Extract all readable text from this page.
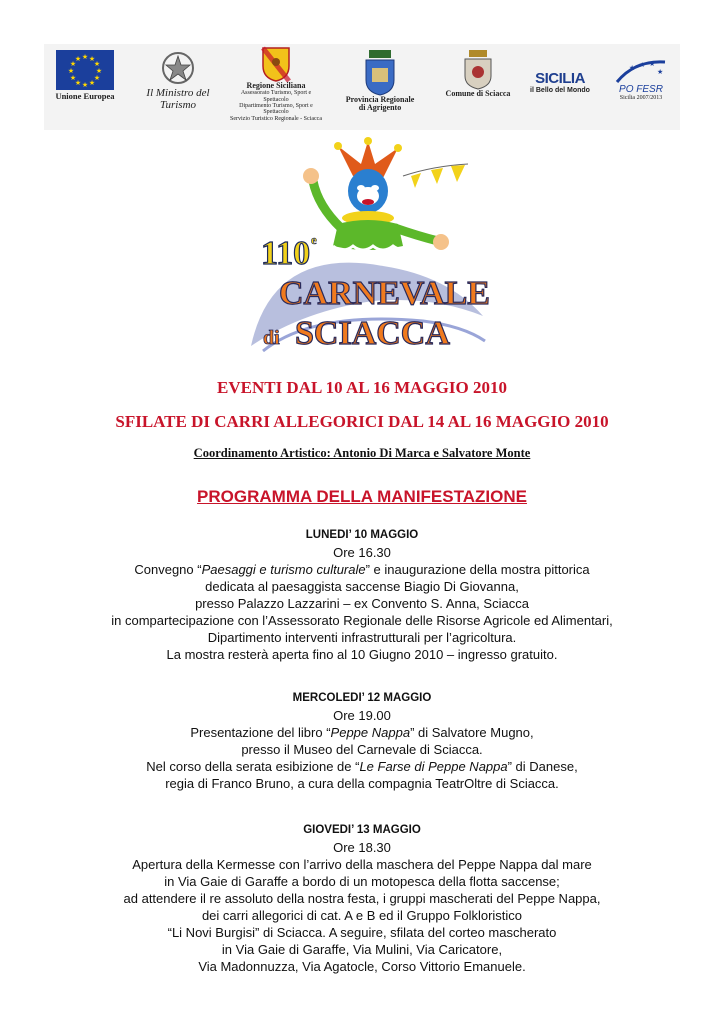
★ ★
★
★
★
★
★
★
★
★
★
★
Unione Europea	Il Ministro del Turismo
Regione Siciliana
Assessorato Turismo, Sport e Spettacolo
Dipartimento Turismo, Sport e Spettacolo
Servizio Turistico Regionale - Sciacca
Provincia Regionale
di Agrigento
Comune di Sciacca
SICILIA
il Bello del Mondo
★ ★ ★
★
PO FESR
Sicilia 2007/2013
110 e
CARNEVALE
di SCIACCA
EVENTI DAL 10 AL 16 MAGGIO 2010
SFILATE DI CARRI ALLEGORICI DAL 14 AL 16 MAGGIO 2010
Coordinamento Artistico: Antonio Di Marca e Salvatore Monte
PROGRAMMA DELLA MANIFESTAZIONE
LUNEDI’ 10 MAGGIO
Ore 16.30
Convegno “Paesaggi e turismo culturale” e inaugurazione della mostra pittorica
dedicata al paesaggista saccense Biagio Di Giovanna,
presso Palazzo Lazzarini – ex Convento S. Anna, Sciacca
in compartecipazione con l’Assessorato Regionale delle Risorse Agricole ed Alimentari,
Dipartimento interventi infrastrutturali per l’agricoltura.
La mostra resterà aperta fino al 10 Giugno 2010 – ingresso gratuito.
MERCOLEDI’ 12 MAGGIO
Ore 19.00
Presentazione del libro “Peppe Nappa” di Salvatore Mugno,
presso il Museo del Carnevale di Sciacca.
Nel corso della serata esibizione de “Le Farse di Peppe Nappa” di Danese,
regia di Franco Bruno, a cura della compagnia TeatrOltre di Sciacca.
GIOVEDI’ 13 MAGGIO
Ore 18.30
Apertura della Kermesse con l’arrivo della maschera del Peppe Nappa dal mare
in Via Gaie di Garaffe a bordo di un motopesca della flotta saccense;
ad attendere il re assoluto della nostra festa, i gruppi mascherati del Peppe Nappa,
dei carri allegorici di cat. A e B ed il Gruppo Folkloristico
“Li Novi Burgisi” di Sciacca. A seguire, sfilata del corteo mascherato
in Via Gaie di Garaffe, Via Mulini, Via Caricatore,
Via Madonnuzza, Via Agatocle, Corso Vittorio Emanuele.
